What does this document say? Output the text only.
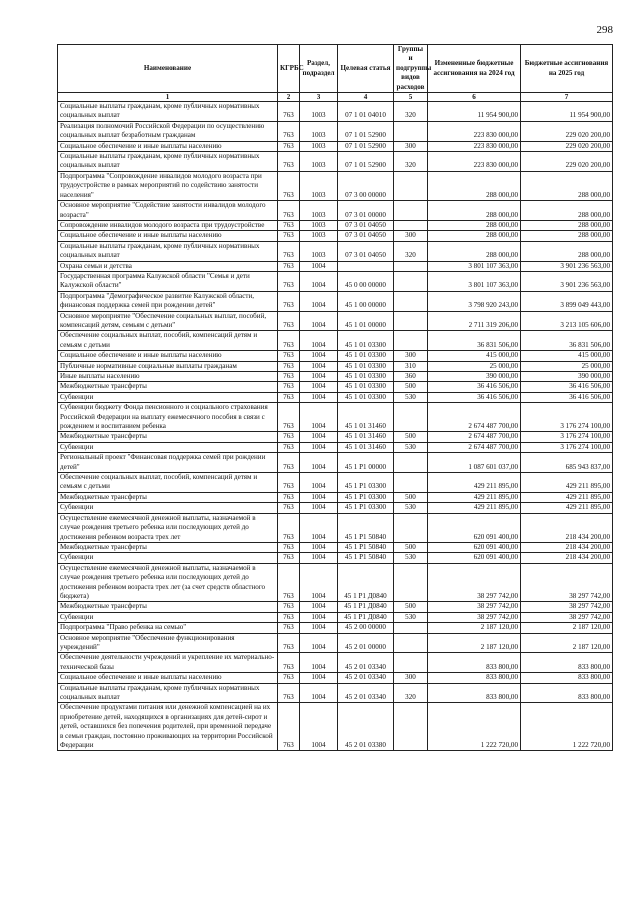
298
Наименование	КГРБС	Раздел, подраздел	Целевая статья	Группы и подгруппы видов расходов	Измененные бюджетные ассигнования на 2024 год	Бюджетные ассигнования на 2025 год
1	2	3	4	5	6	7
Социальные выплаты гражданам, кроме публичных нормативных социальных выплат	763	1003	07 1 01 04010	320	11 954 900,00	11 954 900,00
Реализация полномочий Российской Федерации по осуществлению социальных выплат безработным гражданам	763	1003	07 1 01 52900		223 830 000,00	229 020 200,00
Социальное обеспечение и иные выплаты населению	763	1003	07 1 01 52900	300	223 830 000,00	229 020 200,00
Социальные выплаты гражданам, кроме публичных нормативных социальных выплат	763	1003	07 1 01 52900	320	223 830 000,00	229 020 200,00
Подпрограмма "Сопровождение инвалидов молодого возраста при трудоустройстве в рамках мероприятий по содействию занятости населения"	763	1003	07 3 00 00000		288 000,00	288 000,00
Основное мероприятие "Содействие занятости инвалидов молодого возраста"	763	1003	07 3 01 00000		288 000,00	288 000,00
Сопровождение инвалидов молодого возраста при трудоустройстве	763	1003	07 3 01 04050		288 000,00	288 000,00
Социальное обеспечение и иные выплаты населению	763	1003	07 3 01 04050	300	288 000,00	288 000,00
Социальные выплаты гражданам, кроме публичных нормативных социальных выплат	763	1003	07 3 01 04050	320	288 000,00	288 000,00
Охрана семьи и детства	763	1004			3 801 107 363,00	3 901 236 563,00
Государственная программа Калужской области "Семья и дети Калужской области"	763	1004	45 0 00 00000		3 801 107 363,00	3 901 236 563,00
Подпрограмма "Демографическое развитие Калужской области, финансовая поддержка семей при рождении детей"	763	1004	45 1 00 00000		3 798 920 243,00	3 899 049 443,00
Основное мероприятие "Обеспечение социальных выплат, пособий, компенсаций детям, семьям с детьми"	763	1004	45 1 01 00000		2 711 319 206,00	3 213 105 606,00
Обеспечение социальных выплат, пособий, компенсаций детям и семьям с детьми	763	1004	45 1 01 03300		36 831 506,00	36 831 506,00
Социальное обеспечение и иные выплаты населению	763	1004	45 1 01 03300	300	415 000,00	415 000,00
Публичные нормативные социальные выплаты гражданам	763	1004	45 1 01 03300	310	25 000,00	25 000,00
Иные выплаты населению	763	1004	45 1 01 03300	360	390 000,00	390 000,00
Межбюджетные трансферты	763	1004	45 1 01 03300	500	36 416 506,00	36 416 506,00
Субвенции	763	1004	45 1 01 03300	530	36 416 506,00	36 416 506,00
Субвенции бюджету Фонда пенсионного и социального страхования Российской Федерации на выплату ежемесячного пособия в связи с рождением и воспитанием ребенка	763	1004	45 1 01 31460		2 674 487 700,00	3 176 274 100,00
Межбюджетные трансферты	763	1004	45 1 01 31460	500	2 674 487 700,00	3 176 274 100,00
Субвенции	763	1004	45 1 01 31460	530	2 674 487 700,00	3 176 274 100,00
Региональный проект "Финансовая поддержка семей при рождении детей"	763	1004	45 1 P1 00000		1 087 601 037,00	685 943 837,00
Обеспечение социальных выплат, пособий, компенсаций детям и семьям с детьми	763	1004	45 1 P1 03300		429 211 895,00	429 211 895,00
Межбюджетные трансферты	763	1004	45 1 P1 03300	500	429 211 895,00	429 211 895,00
Субвенции	763	1004	45 1 P1 03300	530	429 211 895,00	429 211 895,00
Осуществление ежемесячной денежной выплаты, назначаемой в случае рождения третьего ребенка или последующих детей до достижения ребенком возраста трех лет	763	1004	45 1 P1 50840		620 091 400,00	218 434 200,00
Межбюджетные трансферты	763	1004	45 1 P1 50840	500	620 091 400,00	218 434 200,00
Субвенции	763	1004	45 1 P1 50840	530	620 091 400,00	218 434 200,00
Осуществление ежемесячной денежной выплаты, назначаемой в случае рождения третьего ребенка или последующих детей до достижения ребенком возраста трех лет (за счет средств областного бюджета)	763	1004	45 1 P1 Д0840		38 297 742,00	38 297 742,00
Межбюджетные трансферты	763	1004	45 1 P1 Д0840	500	38 297 742,00	38 297 742,00
Субвенции	763	1004	45 1 P1 Д0840	530	38 297 742,00	38 297 742,00
Подпрограмма "Право ребенка на семью"	763	1004	45 2 00 00000		2 187 120,00	2 187 120,00
Основное мероприятие "Обеспечение функционирования учреждений"	763	1004	45 2 01 00000		2 187 120,00	2 187 120,00
Обеспечение деятельности учреждений и укрепление их материально-технической базы	763	1004	45 2 01 03340		833 800,00	833 800,00
Социальное обеспечение и иные выплаты населению	763	1004	45 2 01 03340	300	833 800,00	833 800,00
Социальные выплаты гражданам, кроме публичных нормативных социальных выплат	763	1004	45 2 01 03340	320	833 800,00	833 800,00
Обеспечение продуктами питания или денежной компенсацией на их приобретение детей, находящихся в организациях для детей-сирот и детей, оставшихся без попечения родителей, при временной передаче в семьи граждан, постоянно проживающих на территории Российской Федерации	763	1004	45 2 01 03380		1 222 720,00	1 222 720,00
